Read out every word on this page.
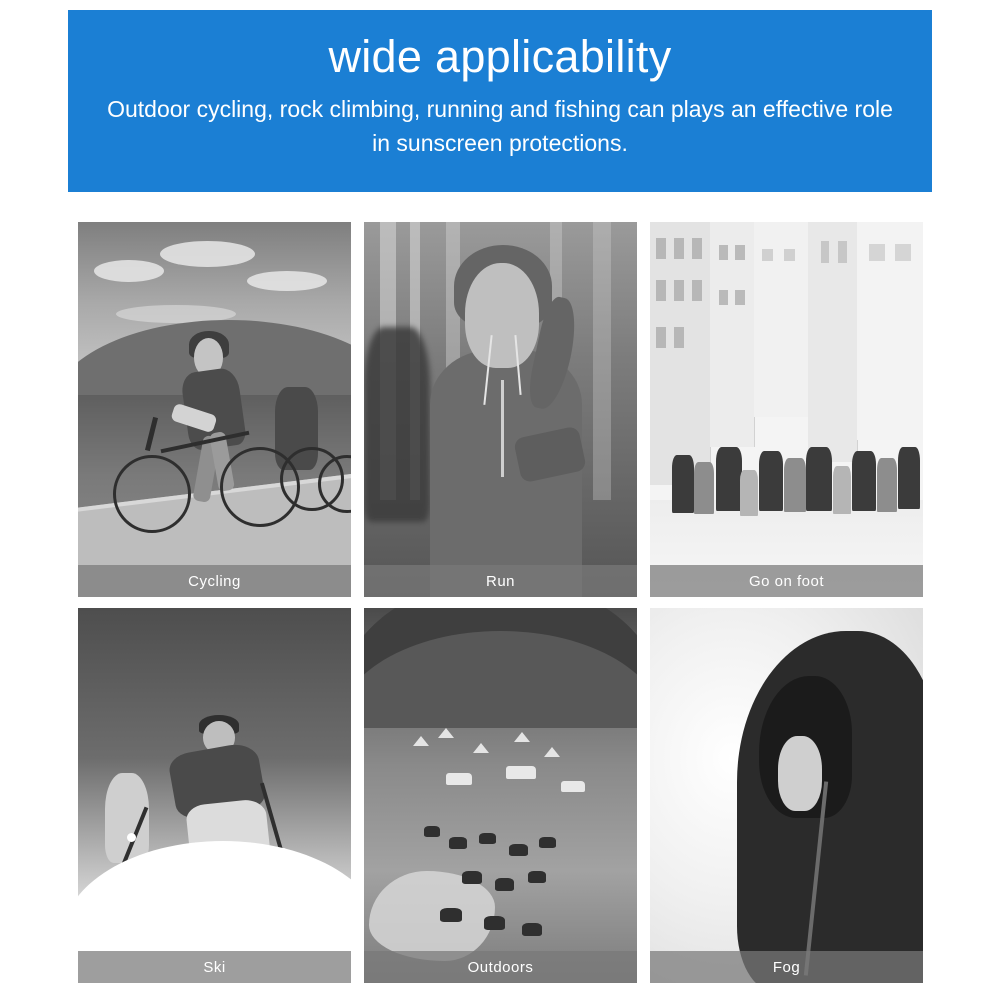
wide applicability
Outdoor cycling, rock climbing, running and fishing can plays an effective role in sunscreen protections.
Cycling	Run	Go on foot
Ski	Outdoors	Fog
